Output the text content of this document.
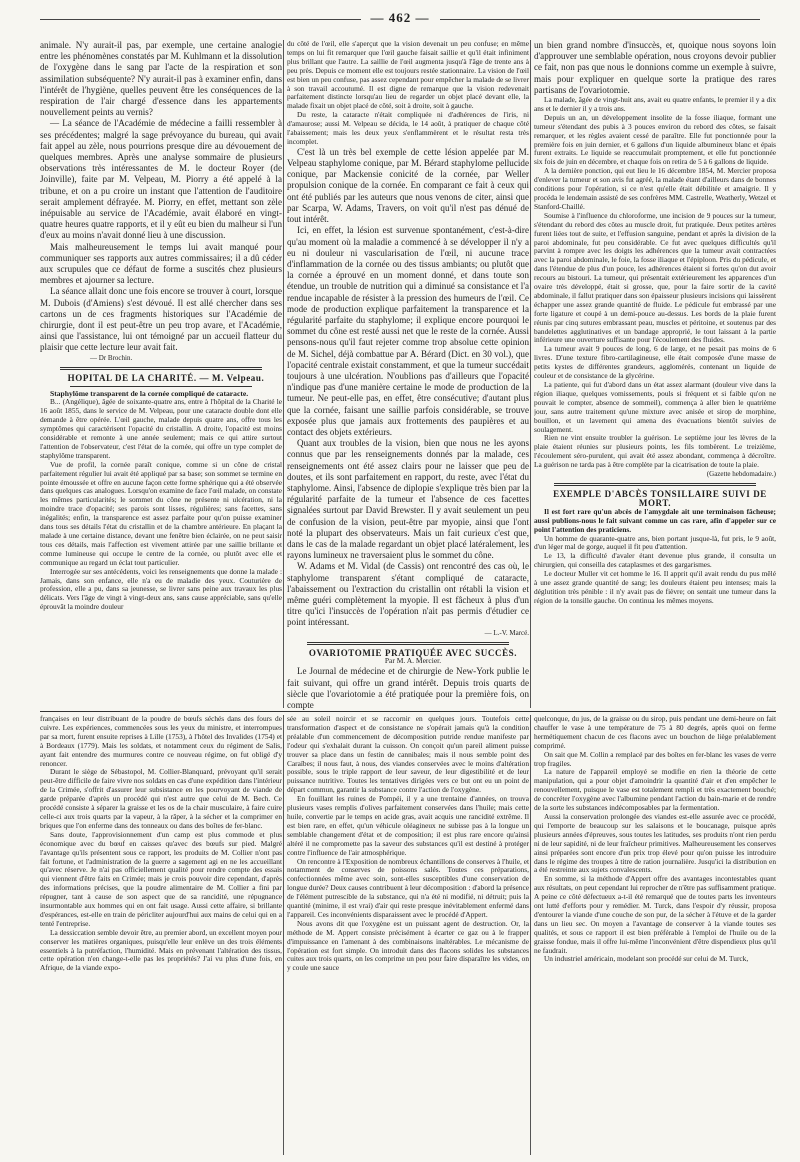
— 462 —

animale. N'y aurait-il pas, par exemple, une certaine analogie entre les phénomènes constatés par M. Kuhlmann et la dissolution de l'oxygène dans le sang par l'acte de la respiration et son assimilation subséquente? N'y aurait-il pas à examiner enfin, dans l'intérêt de l'hygiène, quelles peuvent être les conséquences de la respiration de l'air chargé d'essence dans les appartements nouvellement peints au vernis?

— La séance de l'Académie de médecine a failli ressembler à ses précédentes; malgré la sage prévoyance du bureau, qui avait fait appel au zèle, nous pourrions presque dire au dévouement de quelques membres. Après une analyse sommaire de plusieurs observations très intéressantes de M. le docteur Royer (de Joinville), faite par M. Velpeau, M. Piorry a été appelé à la tribune, et on a pu croire un instant que l'attention de l'auditoire serait amplement défrayée. M. Piorry, en effet, mettant son zèle inépuisable au service de l'Académie, avait élaboré en vingt-quatre heures quatre rapports, et il y eût eu bien du malheur si l'un d'eux au moins n'avait donné lieu à une discussion.

Mais malheureusement le temps lui avait manqué pour communiquer ses rapports aux autres commissaires; il a dû céder aux scrupules que ce défaut de forme a suscités chez plusieurs membres et ajourner sa lecture.

La séance allait donc une fois encore se trouver à court, lorsque M. Dubois (d'Amiens) s'est dévoué. Il est allé chercher dans ses cartons un de ces fragments historiques sur l'Académie de chirurgie, dont il est peut-être un peu trop avare, et l'Académie, ainsi que l'assistance, lui ont témoigné par un accueil flatteur du plaisir que cette lecture leur avait fait.

— Dr Brochin.

HOPITAL DE LA CHARITÉ. — M. Velpeau.

Staphylôme transparent de la cornée compliqué de cataracte.

B... (Angélique), âgée de soixante-quatre ans, entre à l'hôpital de la Charité le 16 août 1855, dans le service de M. Velpeau, pour une cataracte double dont elle demande à être opérée. L'œil gauche, malade depuis quatre ans, offre tous les symptômes qui caractérisent l'opacité du cristallin. A droite, l'opacité est moins considérable et remonte à une année seulement; mais ce qui attire surtout l'attention de l'observateur, c'est l'état de la cornée, qui offre un type complet de staphylôme transparent.

Vue de profil, la cornée paraît conique, comme si un cône de cristal parfaitement régulier lui avait été appliqué par sa base; son sommet se termine en pointe émoussée et offre en aucune façon cette forme sphérique qui a été observée dans quelques cas analogues. Lorsqu'on examine de face l'œil malade, on constate les mêmes particularités; le sommet du cône ne présente ni ulcération, ni la moindre trace d'opacité; ses parois sont lisses, régulières; sans facettes, sans inégalités; enfin, la transparence est assez parfaite pour qu'on puisse examiner dans tous ses détails l'état du cristallin et de la chambre antérieure. En plaçant la malade à une certaine distance, devant une fenêtre bien éclairée, on ne peut saisir tous ces détails, mais l'affection est vivement attirée par une saillie brillante et comme lumineuse qui occupe le centre de la cornée, ou plutôt avec elle et communique au regard un éclat tout particulier.

Interrogée sur ses antécédents, voici les renseignements que donne la malade : Jamais, dans son enfance, elle n'a eu de maladie des yeux. Couturière de profession, elle a pu, dans sa jeunesse, se livrer sans peine aux travaux les plus délicats. Vers l'âge de vingt à vingt-deux ans, sans cause appréciable, sans qu'elle éprouvât la moindre douleur

du côté de l'œil, elle s'aperçut que la vision devenait un peu confuse; en même temps on lui fit remarquer que l'œil gauche faisait saillie et qu'il était infiniment plus brillant que l'autre. La saillie de l'œil augmenta jusqu'à l'âge de trente ans à peu près. Depuis ce moment elle est toujours restée stationnaire. La vision de l'œil est bien un peu confuse, pas assez cependant pour empêcher la malade de se livrer à son travail accoutumé. Il est digne de remarque que la vision redevenait parfaitement distincte lorsqu'au lieu de regarder un objet placé devant elle, la malade fixait un objet placé de côté, soit à droite, soit à gauche.

Du reste, la cataracte n'était compliquée ni d'adhérences de l'iris, ni d'amaurose; aussi M. Velpeau se décida, le 14 août, à pratiquer de chaque côté l'abaissement; mais les deux yeux s'enflammèrent et le résultat resta très incomplet.

C'est là un très bel exemple de cette lésion appelée par M. Velpeau staphylome conique, par M. Bérard staphylome pellucide conique, par Mackensie conicité de la cornée, par Weller propulsion conique de la cornée. En comparant ce fait à ceux qui ont été publiés par les auteurs que nous venons de citer, ainsi que par Scarpa, W. Adams, Travers, on voit qu'il n'est pas dénué de tout intérêt.

Ici, en effet, la lésion est survenue spontanément, c'est-à-dire qu'au moment où la maladie a commencé à se développer il n'y a eu ni douleur ni vascularisation de l'œil, ni aucune trace d'inflammation de la cornée ou des tissus ambiants; ou plutôt que la cornée a éprouvé en un moment donné, et dans toute son étendue, un trouble de nutrition qui a diminué sa consistance et l'a rendue incapable de résister à la pression des humeurs de l'œil. Ce mode de production explique parfaitement la transparence et la régularité parfaite du staphylome; il explique encore pourquoi le sommet du cône est resté aussi net que le reste de la cornée. Aussi pensons-nous qu'il faut rejeter comme trop absolue cette opinion de M. Sichel, déjà combattue par A. Bérard (Dict. en 30 vol.), que l'opacité centrale existait constamment, et que la tumeur succédait toujours à une ulcération. N'oublions pas d'ailleurs que l'opacité n'indique pas d'une manière certaine le mode de production de la tumeur. Ne peut-elle pas, en effet, être consécutive; d'autant plus que la cornée, faisant une saillie parfois considérable, se trouve exposée plus que jamais aux frottements des paupières et au contact des objets extérieurs.

Quant aux troubles de la vision, bien que nous ne les ayons connus que par les renseignements donnés par la malade, ces renseignements ont été assez clairs pour ne laisser que peu de doutes, et ils sont parfaitement en rapport, du reste, avec l'état du staphylome. Ainsi, l'absence de diplopie s'explique très bien par la régularité parfaite de la tumeur et l'absence de ces facettes signalées surtout par David Brewster. Il y avait seulement un peu de confusion de la vision, peut-être par myopie, ainsi que l'ont noté la plupart des observateurs. Mais un fait curieux c'est que, dans le cas de la malade regardant un objet placé latéralement, les rayons lumineux ne traversaient plus le sommet du cône.

W. Adams et M. Vidal (de Cassis) ont rencontré des cas où, le staphylome transparent s'étant compliqué de cataracte, l'abaissement ou l'extraction du cristallin ont rétabli la vision et même guéri complètement la myopie. Il est fâcheux à plus d'un titre qu'ici l'insuccès de l'opération n'ait pas permis d'étudier ce point intéressant.

— L.-V. Marcé.

OVARIOTOMIE PRATIQUÉE AVEC SUCCÈS.

Par M. A. Mercier.

Le Journal de médecine et de chirurgie de New-York publie le fait suivant, qui offre un grand intérêt. Depuis trois quarts de siècle que l'ovariotomie a été pratiquée pour la première fois, on compte

un bien grand nombre d'insuccès, et, quoique nous soyons loin d'approuver une semblable opération, nous croyons devoir publier ce fait, non pas que nous le donnions comme un exemple à suivre, mais pour expliquer en quelque sorte la pratique des rares partisans de l'ovariotomie.

La malade, âgée de vingt-huit ans, avait eu quatre enfants, le premier il y a dix ans et le dernier il y a trois ans.

Depuis un an, un développement insolite de la fosse iliaque, formant une tumeur s'étendant des pubis à 3 pouces environ du rebord des côtes, se faisait remarquer, et les règles avaient cessé de paraître. Elle fut ponctionnée pour la première fois en juin dernier, et 6 gallons d'un liquide albumineux blanc et épais furent extraits. Le liquide se reaccumulait promptement, et elle fut ponctionnée six fois de juin en décembre, et chaque fois on retira de 5 à 6 gallons de liquide.

A la dernière ponction, qui eut lieu le 16 décembre 1854, M. Mercier proposa d'enlever la tumeur et son avis fut agréé, la malade étant d'ailleurs dans de bonnes conditions pour l'opération, si ce n'est qu'elle était débilitée et amaigrie. Il y procéda le lendemain assisté de ses confrères MM. Castrelle, Weatherly, Wetzel et Stanford-Chaillé.

Soumise à l'influence du chloroforme, une incision de 9 pouces sur la tumeur, s'étendant du rebord des côtes au muscle droit, fut pratiquée. Deux petites artères furent liées tout de suite, et l'effusion sanguine, pendant et après la division de la paroi abdominale, fut peu considérable. Ce fut avec quelques difficultés qu'il parvint à rompre avec les doigts les adhérences que la tumeur avait contractées avec la paroi abdominale, le foie, la fosse iliaque et l'épiploon. Pris du pédicule, et dans l'étendue de plus d'un pouce, les adhérences étaient si fortes qu'on dut avoir recours au bistouri. La tumeur, qui présentait extérieurement les apparences d'un ovaire très développé, était si grosse, que, pour la faire sortir de la cavité abdominale, il fallut pratiquer dans son épaisseur plusieurs incisions qui laissèrent échapper une assez grande quantité de fluide. Le pédicule fut embrassé par une forte ligature et coupé à un demi-pouce au-dessus. Les bords de la plaie furent réunis par cinq sutures embrassant peau, muscles et péritoine, et soutenus par des bandelettes agglutinatives et un bandage approprié, le tout laissant à la partie inférieure une ouverture suffisante pour l'écoulement des fluides.

La tumeur avait 9 pouces de long, 6 de large, et ne pesait pas moins de 6 livres. D'une texture fibro-cartilagineuse, elle était composée d'une masse de petits kystes de différentes grandeurs, agglomérés, contenant un liquide de couleur et de consistance de la glycérine.

La patiente, qui fut d'abord dans un état assez alarmant (douleur vive dans la région iliaque, quelques vomissements, pouls si fréquent et si faible qu'on ne pouvait le compter, absence de sommeil), commença à aller bien le quatrième jour, sans autre traitement qu'une mixture avec anisée et sirop de morphine, bouillon, et un lavement qui amena des évacuations bientôt suivies de soulagement.

Rien ne vint ensuite troubler la guérison. Le septième jour les lèvres de la plaie étaient réunies sur plusieurs points, les fils tombèrent. Le treizième, l'écoulement séro-purulent, qui avait été assez abondant, commença à décroître. La guérison ne tarda pas à être complète par la cicatrisation de toute la plaie.

(Gazette hebdomadaire.)

EXEMPLE D'ABCÈS TONSILLAIRE SUIVI DE MORT.

Il est fort rare qu'un abcès de l'amygdale ait une terminaison fâcheuse; aussi publions-nous le fait suivant comme un cas rare, afin d'appeler sur ce point l'attention des praticiens.

Un homme de quarante-quatre ans, bien portant jusque-là, fut pris, le 9 août, d'un léger mal de gorge, auquel il fit peu d'attention.

Le 13, la difficulté d'avaler étant devenue plus grande, il consulta un chirurgien, qui conseilla des cataplasmes et des gargarismes.

Le docteur Muller vit cet homme le 16. Il apprit qu'il avait rendu du pus mêlé à une assez grande quantité de sang; les douleurs étaient peu intenses; mais la déglutition très pénible : il n'y avait pas de fièvre; on sentait une tumeur dans la région de la tonsille gauche. On continua les mêmes moyens.

françaises en leur distribuant de la poudre de bœufs séchés dans des fours de cuivre. Les expériences, commencées sous les yeux du ministre, et interrompues par sa mort, furent ensuite reprises à Lille (1753), à l'hôtel des Invalides (1754) et à Bordeaux (1779). Mais les soldats, et notamment ceux du régiment de Salis, ayant fait entendre des murmures contre ce nouveau régime, on fut obligé d'y renoncer.

Durant le siège de Sébastopol, M. Collier-Blanquard, prévoyant qu'il serait peut-être difficile de faire vivre nos soldats en cas d'une expédition dans l'intérieur de la Crimée, s'offrit d'assurer leur subsistance en les pourvoyant de viande de garde préparée d'après un procédé qui n'est autre que celui de M. Bech. Ce procédé consiste à séparer la graisse et les os de la chair musculaire, à faire cuire celle-ci aux trois quarts par la vapeur, à la râper, à la sécher et la comprimer en briques que l'on enferme dans des tonneaux ou dans des boîtes de fer-blanc.

Sans doute, l'approvisionnement d'un camp est plus commode et plus économique avec du bœuf en caisses qu'avec des bœufs sur pied. Malgré l'avantage qu'ils présentent sous ce rapport, les produits de M. Collier n'ont pas fait fortune, et l'administration de la guerre a sagement agi en ne les accueillant qu'avec réserve. Je n'ai pas officiellement qualité pour rendre compte des essais qui viennent d'être faits en Crimée; mais je crois pouvoir dire cependant, d'après des informations précises, que la poudre alimentaire de M. Collier a fini par répugner, tant à cause de son aspect que de sa rancidité, une répugnance insurmontable aux hommes qui en ont fait usage. Aussi cette affaire, si brillante d'espérances, est-elle en train de péricliter aujourd'hui aux mains de celui qui en a tenté l'entreprise.

La dessiccation semble devoir être, au premier abord, un excellent moyen pour conserver les matières organiques, puisqu'elle leur enlève un des trois éléments essentiels à la putréfaction, l'humidité. Mais en prévenant l'altération des tissus, cette opération n'en change-t-elle pas les propriétés? J'ai vu plus d'une fois, en Afrique, de la viande expo-

sée au soleil noircir et se raccornir en quelques jours. Toutefois cette transformation d'aspect et de consistance ne s'opérait jamais qu'à la condition préalable d'un commencement de décomposition putride rendue manifeste par l'odeur qui s'exhalait durant la cuisson. On conçoit qu'un pareil aliment puisse trouver sa place dans un festin de cannibales; mais il nous semble point des Caraïbes; il nous faut, à nous, des viandes conservées avec le moins d'altération possible, sous le triple rapport de leur saveur, de leur digestibilité et de leur puissance nutritive. Toutes les tentatives dirigées vers ce but ont eu un point de départ commun, garantir la substance contre l'action de l'oxygène.

En fouillant les ruines de Pompéi, il y a une trentaine d'années, on trouva plusieurs vases remplis d'olives parfaitement conservées dans l'huile; mais cette huile, convertie par le temps en acide gras, avait acquis une rancidité extrême. Il est bien rare, en effet, qu'un véhicule oléagineux ne subisse pas à la longue un semblable changement d'état et de composition; il est plus rare encore qu'ainsi altéré il ne compromette pas la saveur des substances qu'il est destiné à protéger contre l'influence de l'air atmosphérique.

On rencontre à l'Exposition de nombreux échantillons de conserves à l'huile, et notamment de conserves de poissons salés. Toutes ces préparations, confectionnées même avec soin, sont-elles susceptibles d'une conservation de longue durée? Deux causes contribuent à leur décomposition : d'abord la présence de l'élément putrescible de la substance, qui n'a été ni modifié, ni détruit; puis la quantité (minime, il est vrai) d'air qui reste presque inévitablement enfermé dans l'appareil. Ces inconvénients disparaissent avec le procédé d'Appert.

Nous avons dit que l'oxygène est un puissant agent de destruction. Or, la méthode de M. Appert consiste précisément à écarter ce gaz ou à le frapper d'impuissance en l'amenant à des combinaisons inaltérables. Le mécanisme de l'opération est fort simple. On introduit dans des flacons solides les substances cuites aux trois quarts, on les comprime un peu pour faire disparaître les vides, on y coule une sauce

quelconque, du jus, de la graisse ou du sirop, puis pendant une demi-heure on fait chauffer le vase à une température de 75 à 80 degrés, après quoi on ferme hermétiquement chacun de ces flacons avec un bouchon de liège préalablement comprimé.

On sait que M. Collin a remplacé par des boîtes en fer-blanc les vases de verre trop fragiles.

La nature de l'appareil employé se modifie en rien la théorie de cette manipulation, qui a pour objet d'amoindrir la quantité d'air et d'en empêcher le renouvellement, puisque le vase est totalement rempli et très exactement bouché; de concréter l'oxygène avec l'albumine pendant l'action du bain-marie et de rendre de la sorte les substances indécomposables par la fermentation.

Aussi la conservation prolongée des viandes est-elle assurée avec ce procédé, qui l'emporte de beaucoup sur les salaisons et le boucanage, puisque après plusieurs années d'épreuves, sous toutes les latitudes, ses produits n'ont rien perdu ni de leur sapidité, ni de leur fraîcheur primitives. Malheureusement les conserves ainsi préparées sont encore d'un prix trop élevé pour qu'on puisse les introduire dans le régime des troupes à titre de ration journalière. Jusqu'ici la distribution en a été restreinte aux sujets convalescents.

En somme, si la méthode d'Appert offre des avantages incontestables quant aux résultats, on peut cependant lui reprocher de n'être pas suffisamment pratique. A peine ce côté défectueux a-t-il été remarqué que de toutes parts les inventeurs ont lutté d'efforts pour y remédier. M. Turck, dans l'espoir d'y réussir, proposa d'entourer la viande d'une couche de son pur, de la sécher à l'étuve et de la garder dans un lieu sec. On moyen a l'avantage de conserver à la viande toutes ses qualités, et sous ce rapport il est bien préférable à l'emploi de l'huile ou de la graisse fondue, mais il offre lui-même l'inconvénient d'être dispendieux plus qu'il ne faudrait.

Un industriel américain, modelant son procédé sur celui de M. Turck,
